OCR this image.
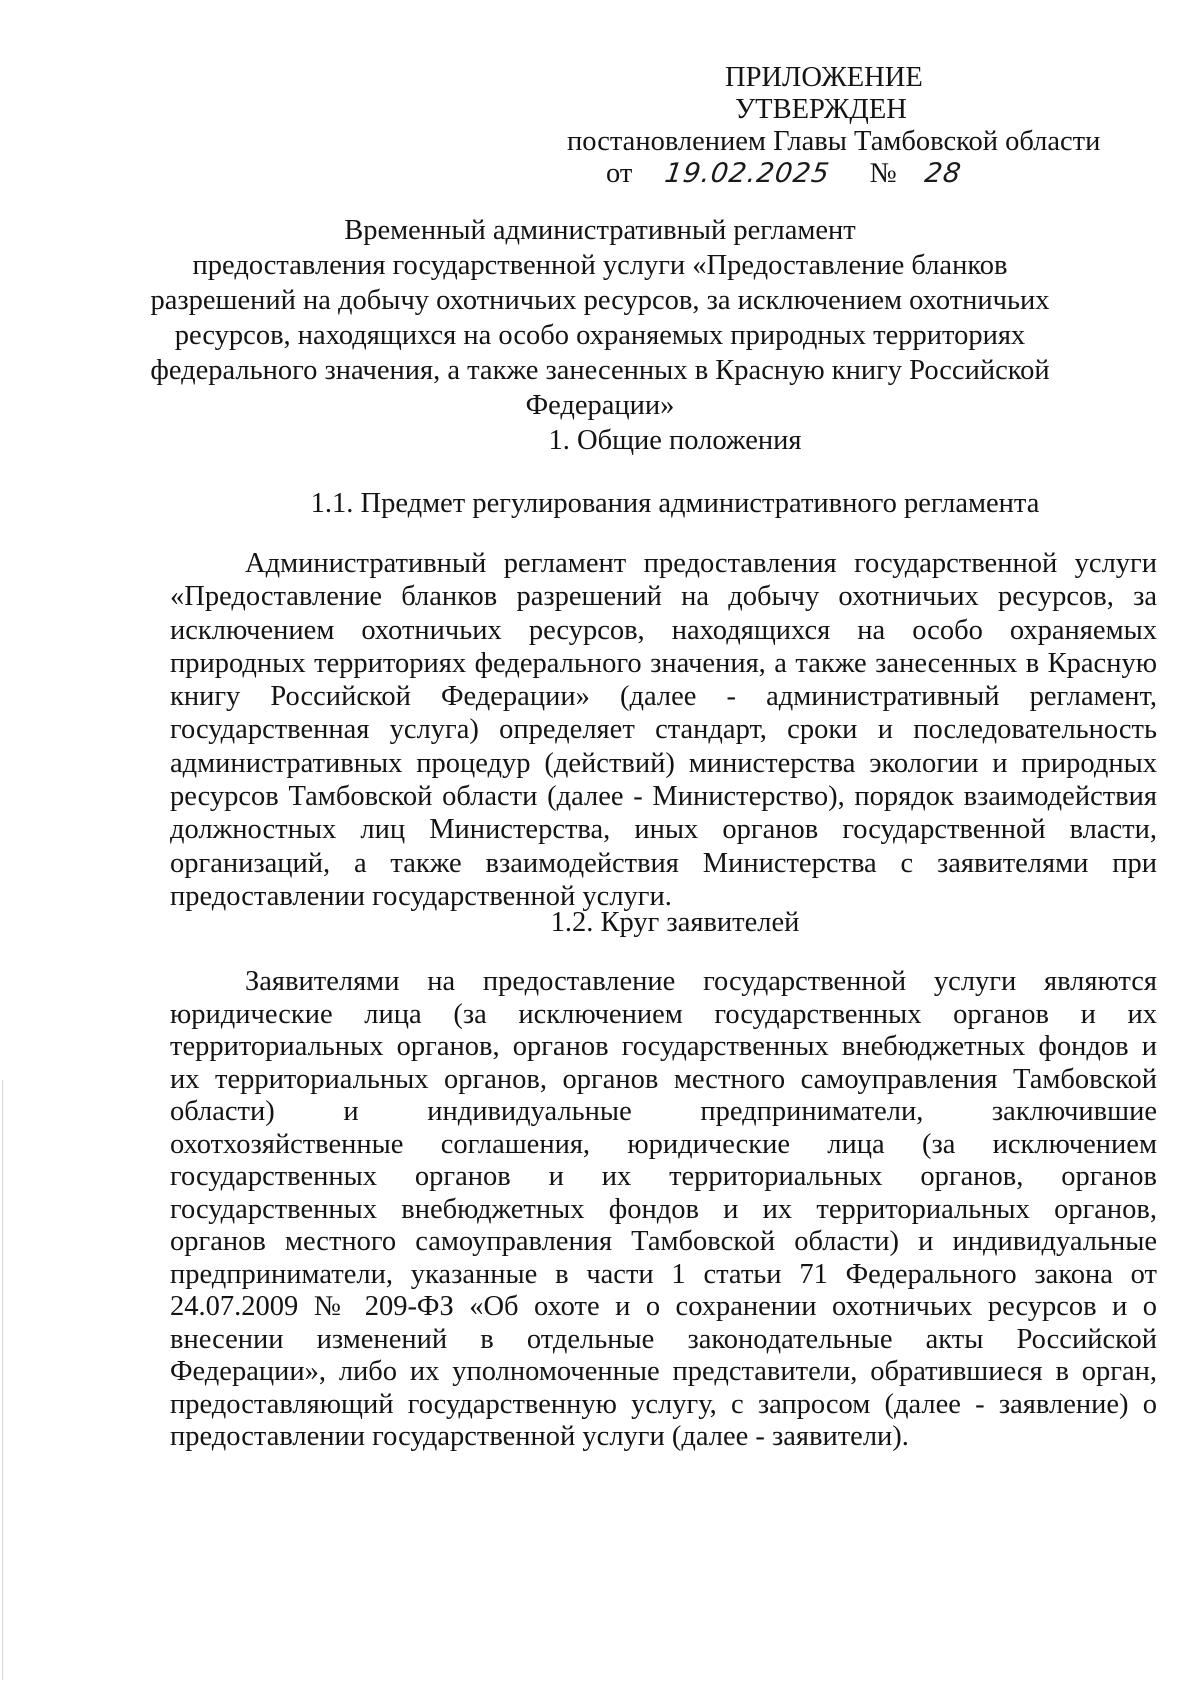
ПРИЛОЖЕНИЕ
УТВЕРЖДЕН
постановлением Главы Тамбовской области
от 19.02.2025 № 28
Временный административный регламент
предоставления государственной услуги «Предоставление бланков
разрешений на добычу охотничьих ресурсов, за исключением охотничьих
ресурсов, находящихся на особо охраняемых природных территориях
федерального значения, а также занесенных в Красную книгу Российской
Федерации»
1. Общие положения
1.1. Предмет регулирования административного регламента
Административный регламент предоставления государственной услуги
«Предоставление бланков разрешений на добычу охотничьих ресурсов, за
исключением охотничьих ресурсов, находящихся на особо охраняемых
природных территориях федерального значения, а также занесенных в Красную
книгу Российской Федерации» (далее - административный регламент,
государственная услуга) определяет стандарт, сроки и последовательность
административных процедур (действий) министерства экологии и природных
ресурсов Тамбовской области (далее - Министерство), порядок взаимодействия
должностных лиц Министерства, иных органов государственной власти,
организаций, а также взаимодействия Министерства с заявителями при
предоставлении государственной услуги.
1.2. Круг заявителей
Заявителями на предоставление государственной услуги являются
юридические лица (за исключением государственных органов и их
территориальных органов, органов государственных внебюджетных фондов и
их территориальных органов, органов местного самоуправления Тамбовской
области) и индивидуальные предприниматели, заключившие
охотхозяйственные соглашения, юридические лица (за исключением
государственных органов и их территориальных органов, органов
государственных внебюджетных фондов и их территориальных органов,
органов местного самоуправления Тамбовской области) и индивидуальные
предприниматели, указанные в части 1 статьи 71 Федерального закона от
24.07.2009 № 209-ФЗ «Об охоте и о сохранении охотничьих ресурсов и о
внесении изменений в отдельные законодательные акты Российской
Федерации», либо их уполномоченные представители, обратившиеся в орган,
предоставляющий государственную услугу, с запросом (далее - заявление) о
предоставлении государственной услуги (далее - заявители).
